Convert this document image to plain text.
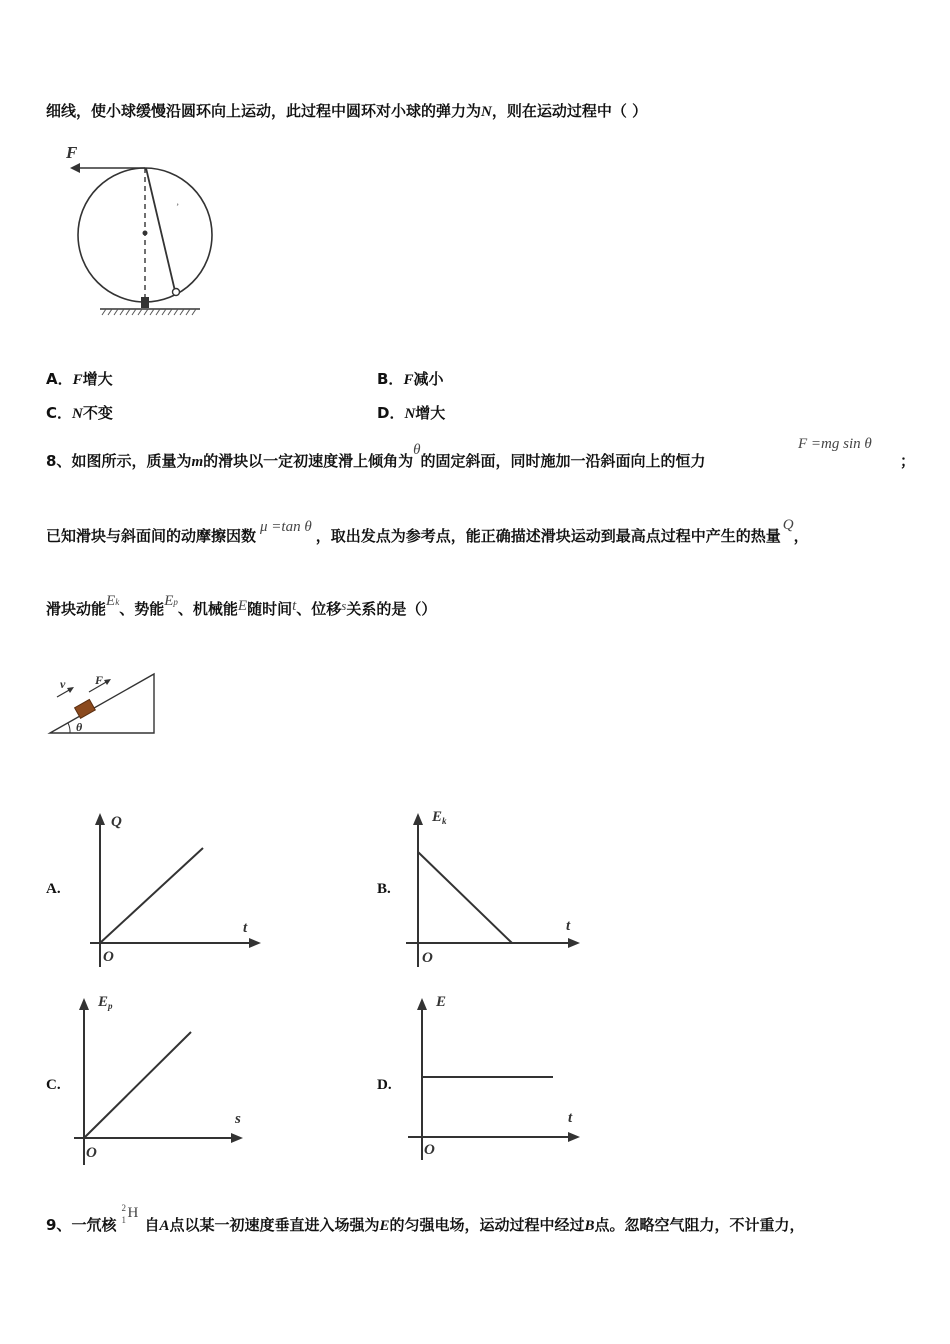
细线，使小球缓慢沿圆环向上运动，此过程中圆环对小球的弹力为N，则在运动过程中（ ）
F
,
A．F增大	B．F减小
C．N不变	D．N增大
8、如图所示，质量为m的滑块以一定初速度滑上倾角为θ的固定斜面，同时施加一沿斜面向上的恒力
F =mg sin θ
；
已知滑块与斜面间的动摩擦因数 μ =tan θ ，取出发点为参考点，能正确描述滑块运动到最高点过程中产生的热量Q，
滑块动能Ek、势能Ep、机械能E随时间t、位移s关系的是（）
v F
θ
A.	B.
C.	D.
Q
t
O
$E_k$
t
O
$E_p$
s
O
E
t
O
9、一氘核
2
1 H
自A点以某一初速度垂直进入场强为E的匀强电场，运动过程中经过B点。忽略空气阻力，不计重力，
